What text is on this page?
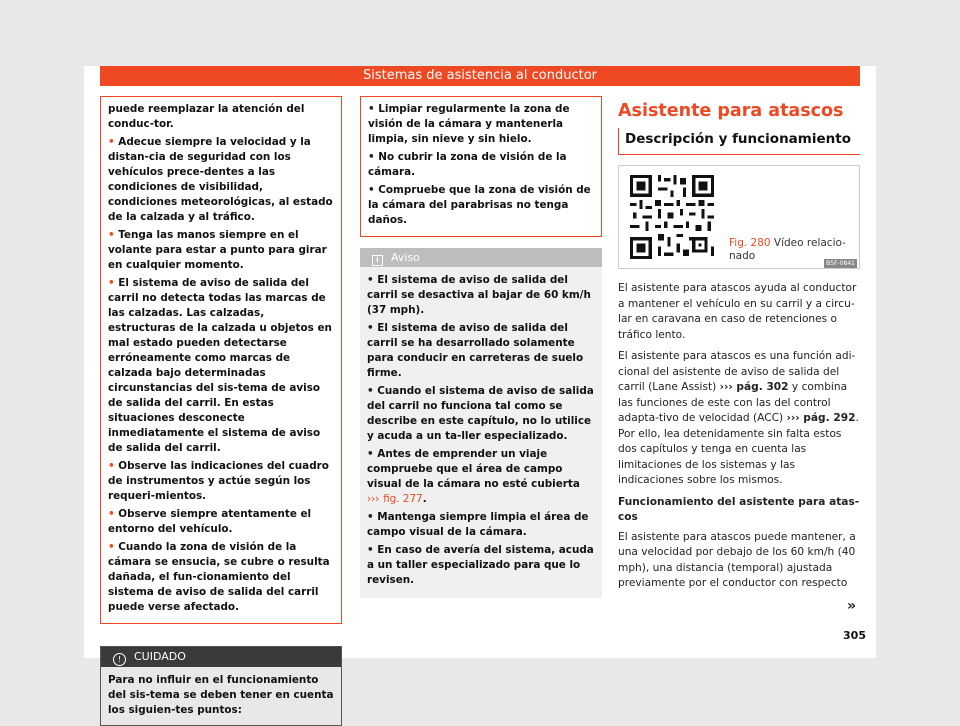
Sistemas de asistencia al conductor

puede reemplazar la atención del conduc-tor.

• Adecue siempre la velocidad y la distan-cia de seguridad con los vehículos prece-dentes a las condiciones de visibilidad, condiciones meteorológicas, al estado de la calzada y al tráfico.
• Tenga las manos siempre en el volante para estar a punto para girar en cualquier momento.
• El sistema de aviso de salida del carril no detecta todas las marcas de las calzadas. Las calzadas, estructuras de la calzada u objetos en mal estado pueden detectarse erróneamente como marcas de calzada bajo determinadas circunstancias del sis-tema de aviso de salida del carril. En estas situaciones desconecte inmediatamente el sistema de aviso de salida del carril.
• Observe las indicaciones del cuadro de instrumentos y actúe según los requeri-mientos.
• Observe siempre atentamente el entorno del vehículo.
• Cuando la zona de visión de la cámara se ensucia, se cubre o resulta dañada, el fun-cionamiento del sistema de aviso de salida del carril puede verse afectado.
! CUIDADO

Para no influir en el funcionamiento del sis-tema se deben tener en cuenta los siguien-tes puntos:

• Limpiar regularmente la zona de visión de la cámara y mantenerla limpia, sin nieve y sin hielo.
• No cubrir la zona de visión de la cámara.
• Compruebe que la zona de visión de la cámara del parabrisas no tenga daños.
i Aviso
• El sistema de aviso de salida del carril se desactiva al bajar de 60 km/h (37 mph).
• El sistema de aviso de salida del carril se ha desarrollado solamente para conducir en carreteras de suelo firme.
• Cuando el sistema de aviso de salida del carril no funciona tal como se describe en este capítulo, no lo utilice y acuda a un ta-ller especializado.
• Antes de emprender un viaje compruebe que el área de campo visual de la cámara no esté cubierta ››› fig. 277.
• Mantenga siempre limpia el área de campo visual de la cámara.
• En caso de avería del sistema, acuda a un taller especializado para que lo revisen.
Asistente para atascos
Descripción y funcionamiento
B5F-0841
Fig. 280 Vídeo relacio-nado

El asistente para atascos ayuda al conductor a mantener el vehículo en su carril y a circu-lar en caravana en caso de retenciones o tráfico lento.

El asistente para atascos es una función adi-cional del asistente de aviso de salida del carril (Lane Assist) ››› pág. 302 y combina las funciones de este con las del control adapta-tivo de velocidad (ACC) ››› pág. 292. Por ello, lea detenidamente sin falta estos dos capítulos y tenga en cuenta las limitaciones de los sistemas y las indicaciones sobre los mismos.

Funcionamiento del asistente para atas-cos

El asistente para atascos puede mantener, a una velocidad por debajo de los 60 km/h (40 mph), una distancia (temporal) ajustada previamente por el conductor con respecto

»
305
